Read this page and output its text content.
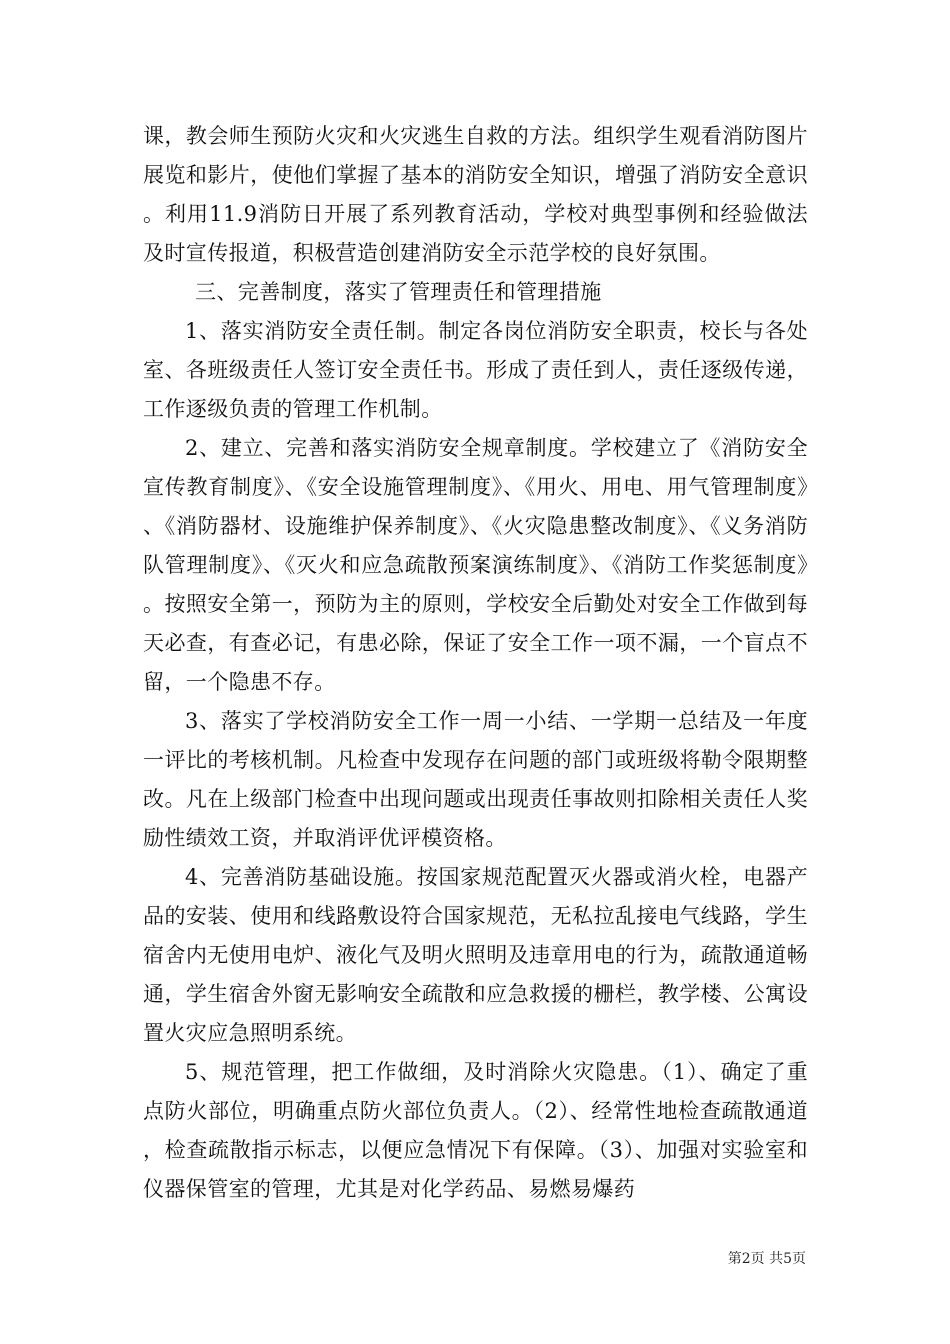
课，教会师生预防火灾和火灾逃生自救的方法。组织学生观看消防图片展览和影片，使他们掌握了基本的消防安全知识，增强了消防安全意识。利用11.9消防日开展了系列教育活动，学校对典型事例和经验做法及时宣传报道，积极营造创建消防安全示范学校的良好氛围。

三、完善制度，落实了管理责任和管理措施

1、落实消防安全责任制。制定各岗位消防安全职责，校长与各处室、各班级责任人签订安全责任书。形成了责任到人，责任逐级传递，工作逐级负责的管理工作机制。

2、建立、完善和落实消防安全规章制度。学校建立了《消防安全宣传教育制度》、《安全设施管理制度》、《用火、用电、用气管理制度》、《消防器材、设施维护保养制度》、《火灾隐患整改制度》、《义务消防队管理制度》、《灭火和应急疏散预案演练制度》、《消防工作奖惩制度》。按照安全第一，预防为主的原则，学校安全后勤处对安全工作做到每天必查，有查必记，有患必除，保证了安全工作一项不漏，一个盲点不留，一个隐患不存。

3、落实了学校消防安全工作一周一小结、一学期一总结及一年度一评比的考核机制。凡检查中发现存在问题的部门或班级将勒令限期整改。凡在上级部门检查中出现问题或出现责任事故则扣除相关责任人奖励性绩效工资，并取消评优评模资格。

4、完善消防基础设施。按国家规范配置灭火器或消火栓，电器产品的安装、使用和线路敷设符合国家规范，无私拉乱接电气线路，学生宿舍内无使用电炉、液化气及明火照明及违章用电的行为，疏散通道畅通，学生宿舍外窗无影响安全疏散和应急救援的栅栏，教学楼、公寓设置火灾应急照明系统。

5、规范管理，把工作做细，及时消除火灾隐患。（1）、确定了重点防火部位，明确重点防火部位负责人。（2）、经常性地检查疏散通道，检查疏散指示标志，以便应急情况下有保障。（3）、加强对实验室和仪器保管室的管理，尤其是对化学药品、易燃易爆药

第2页 共5页
